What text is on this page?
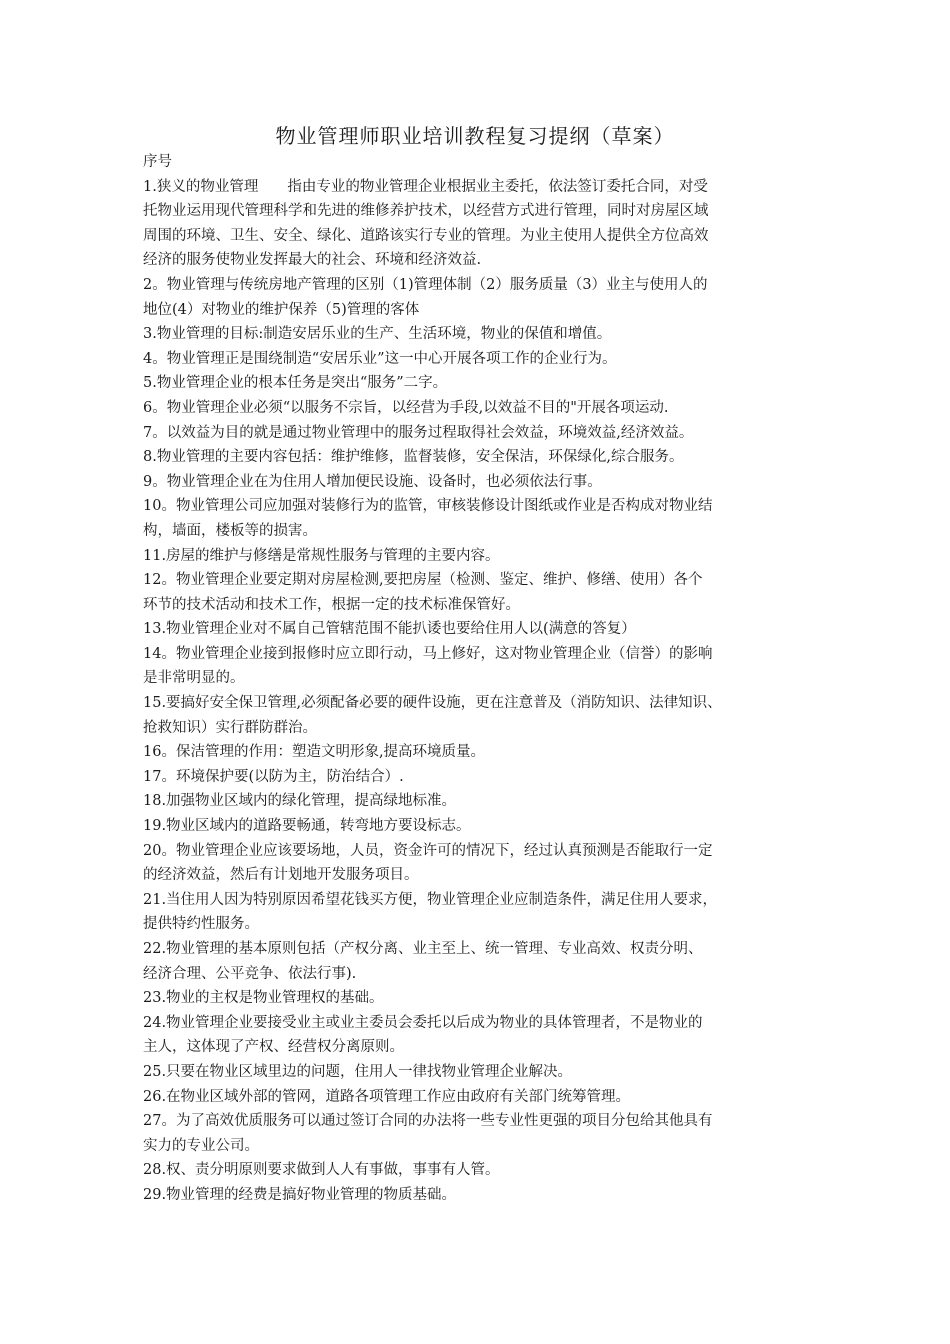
物业管理师职业培训教程复习提纲（草案）
序号
1.狭义的物业管理　　指由专业的物业管理企业根据业主委托，依法签订委托合同，对受
托物业运用现代管理科学和先进的维修养护技术，以经营方式进行管理，同时对房屋区域
周围的环境、卫生、安全、绿化、道路该实行专业的管理。为业主使用人提供全方位高效
经济的服务使物业发挥最大的社会、环境和经济效益.
2。物业管理与传统房地产管理的区别（1)管理体制（2）服务质量（3）业主与使用人的
地位(4）对物业的维护保养（5)管理的客体
3.物业管理的目标:制造安居乐业的生产、生活环境，物业的保值和增值。
4。物业管理正是围绕制造“安居乐业”这一中心开展各项工作的企业行为。
5.物业管理企业的根本任务是突出“服务”二字。
6。物业管理企业必须“以服务不宗旨，以经营为手段,以效益不目的"开展各项运动.
7。以效益为目的就是通过物业管理中的服务过程取得社会效益，环境效益,经济效益。
8.物业管理的主要内容包括：维护维修，监督装修，安全保洁，环保绿化,综合服务。
9。物业管理企业在为住用人增加便民设施、设备时，也必须依法行事。
10。物业管理公司应加强对装修行为的监管，审核装修设计图纸或作业是否构成对物业结
构，墙面，楼板等的损害。
11.房屋的维护与修缮是常规性服务与管理的主要内容。
12。物业管理企业要定期对房屋检测,要把房屋（检测、鉴定、维护、修缮、使用）各个
环节的技术活动和技术工作，根据一定的技术标准保管好。
13.物业管理企业对不属自己管辖范围不能扒诿也要给住用人以(满意的答复）
14。物业管理企业接到报修时应立即行动，马上修好，这对物业管理企业（信誉）的影响
是非常明显的。
15.要搞好安全保卫管理,必须配备必要的硬件设施，更在注意普及（消防知识、法律知识、
抢救知识）实行群防群治。
16。保洁管理的作用：塑造文明形象,提高环境质量。
17。环境保护要(以防为主，防治结合）.
18.加强物业区域内的绿化管理，提高绿地标准。
19.物业区域内的道路要畅通，转弯地方要设标志。
20。物业管理企业应该要场地，人员，资金许可的情况下，经过认真预测是否能取行一定
的经济效益，然后有计划地开发服务项目。
21.当住用人因为特别原因希望花钱买方便，物业管理企业应制造条件，满足住用人要求，
提供特约性服务。
22.物业管理的基本原则包括（产权分离、业主至上、统一管理、专业高效、权责分明、
经济合理、公平竞争、依法行事).
23.物业的主权是物业管理权的基础。
24.物业管理企业要接受业主或业主委员会委托以后成为物业的具体管理者，不是物业的
主人，这体现了产权、经营权分离原则。
25.只要在物业区域里边的问题，住用人一律找物业管理企业解决。
26.在物业区域外部的管网，道路各项管理工作应由政府有关部门统筹管理。
27。为了高效优质服务可以通过签订合同的办法将一些专业性更强的项目分包给其他具有
实力的专业公司。
28.权、责分明原则要求做到人人有事做，事事有人管。
29.物业管理的经费是搞好物业管理的物质基础。
